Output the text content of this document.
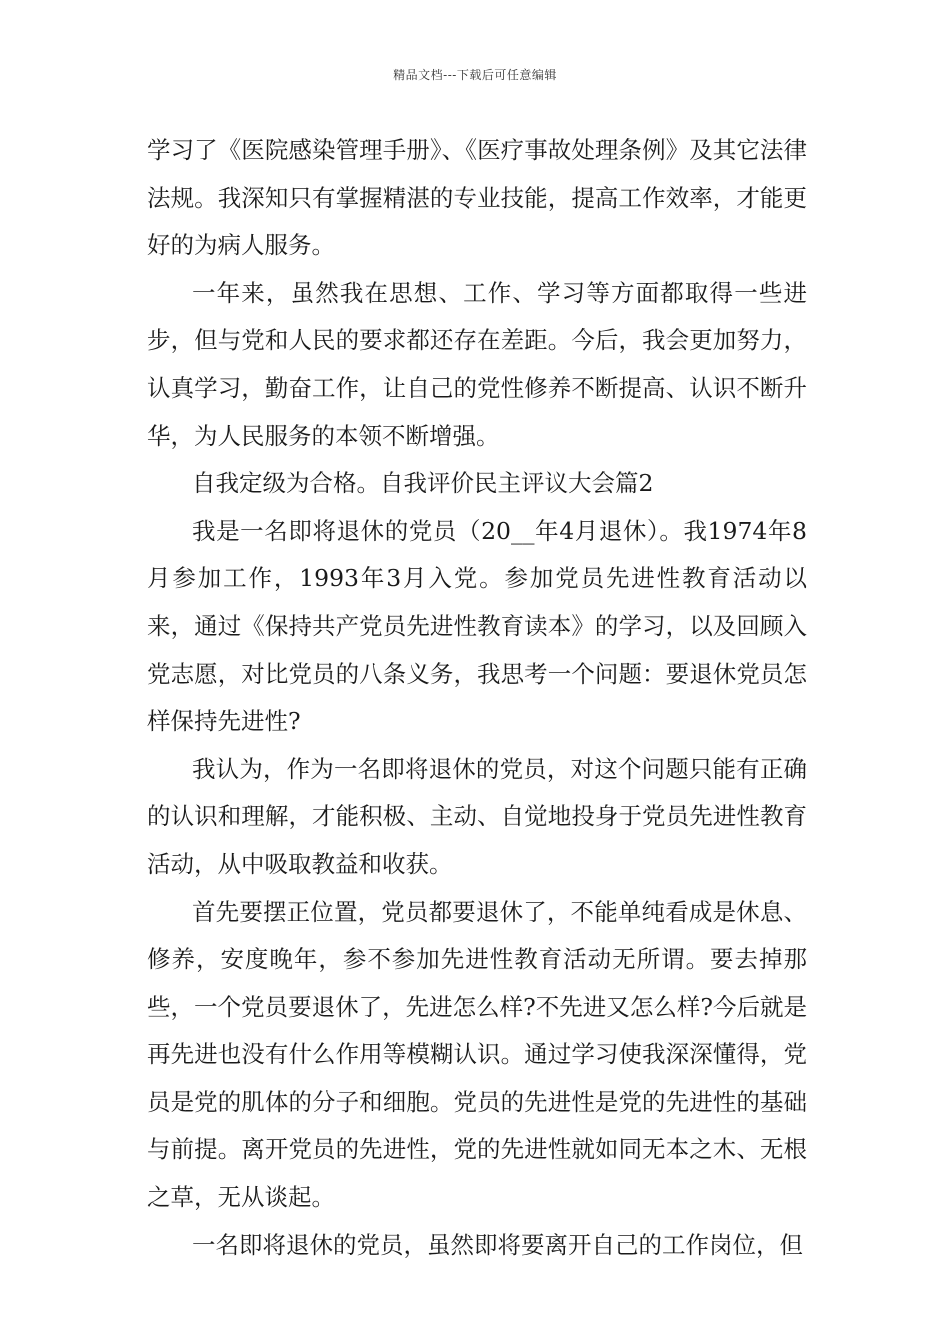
精品文档---下载后可任意编辑

学习了《医院感染管理手册》、《医疗事故处理条例》及其它法律法规。我深知只有掌握精湛的专业技能，提高工作效率，才能更好的为病人服务。

一年来，虽然我在思想、工作、学习等方面都取得一些进步，但与党和人民的要求都还存在差距。今后，我会更加努力，认真学习，勤奋工作，让自己的党性修养不断提高、认识不断升华，为人民服务的本领不断增强。

自我定级为合格。自我评价民主评议大会篇2

我是一名即将退休的党员（20__年4月退休）。我1974年8月参加工作，1993年3月入党。参加党员先进性教育活动以来，通过《保持共产党员先进性教育读本》的学习，以及回顾入党志愿，对比党员的八条义务，我思考一个问题：要退休党员怎样保持先进性?

我认为，作为一名即将退休的党员，对这个问题只能有正确的认识和理解，才能积极、主动、自觉地投身于党员先进性教育活动，从中吸取教益和收获。

首先要摆正位置，党员都要退休了，不能单纯看成是休息、修养，安度晚年，参不参加先进性教育活动无所谓。要去掉那些，一个党员要退休了，先进怎么样?不先进又怎么样?今后就是再先进也没有什么作用等模糊认识。通过学习使我深深懂得，党员是党的肌体的分子和细胞。党员的先进性是党的先进性的基础与前提。离开党员的先进性，党的先进性就如同无本之木、无根之草，无从谈起。

一名即将退休的党员，虽然即将要离开自己的工作岗位，但
